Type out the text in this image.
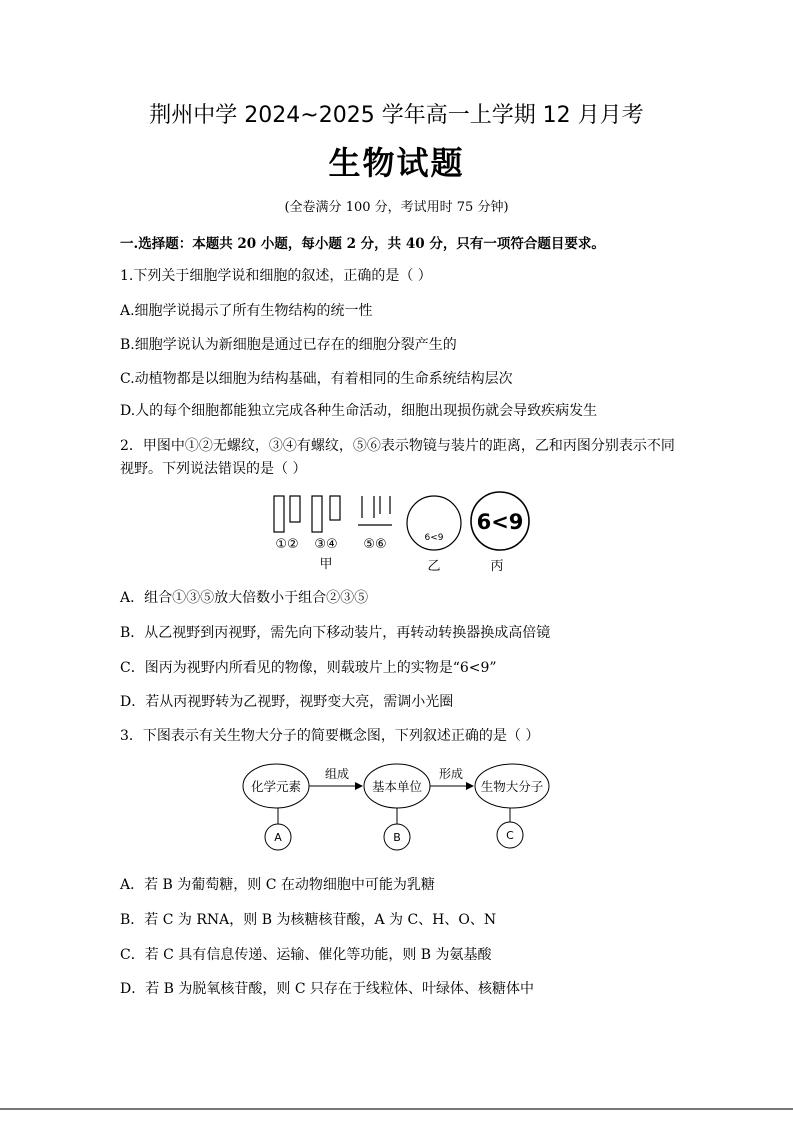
荆州中学 2024~2025 学年高一上学期 12 月月考
生物试题
(全卷满分 100 分，考试用时 75 分钟)
一.选择题：本题共 20 小题，每小题 2 分，共 40 分，只有一项符合题目要求。
1.下列关于细胞学说和细胞的叙述，正确的是（ ）
A.细胞学说揭示了所有生物结构的统一性
B.细胞学说认为新细胞是通过已存在的细胞分裂产生的
C.动植物都是以细胞为结构基础，有着相同的生命系统结构层次
D.人的每个细胞都能独立完成各种生命活动，细胞出现损伤就会导致疾病发生
2．甲图中①②无螺纹，③④有螺纹，⑤⑥表示物镜与装片的距离，乙和丙图分别表示不同
视野。下列说法错误的是（ ）
①② ③④ ⑤⑥
甲
6<9
6<9
乙	丙
A．组合①③⑤放大倍数小于组合②③⑤
B．从乙视野到丙视野，需先向下移动装片，再转动转换器换成高倍镜
C．图丙为视野内所看见的物像，则载玻片上的实物是“6<9”
D．若从丙视野转为乙视野，视野变大亮，需调小光圈
3．下图表示有关生物大分子的简要概念图，下列叙述正确的是（ ）
化学元素	基本单位	生物大分子
组成	形成
A	B	C
A．若 B 为葡萄糖，则 C 在动物细胞中可能为乳糖
B．若 C 为 RNA，则 B 为核糖核苷酸，A 为 C、H、O、N
C．若 C 具有信息传递、运输、催化等功能，则 B 为氨基酸
D．若 B 为脱氧核苷酸，则 C 只存在于线粒体、叶绿体、核糖体中
